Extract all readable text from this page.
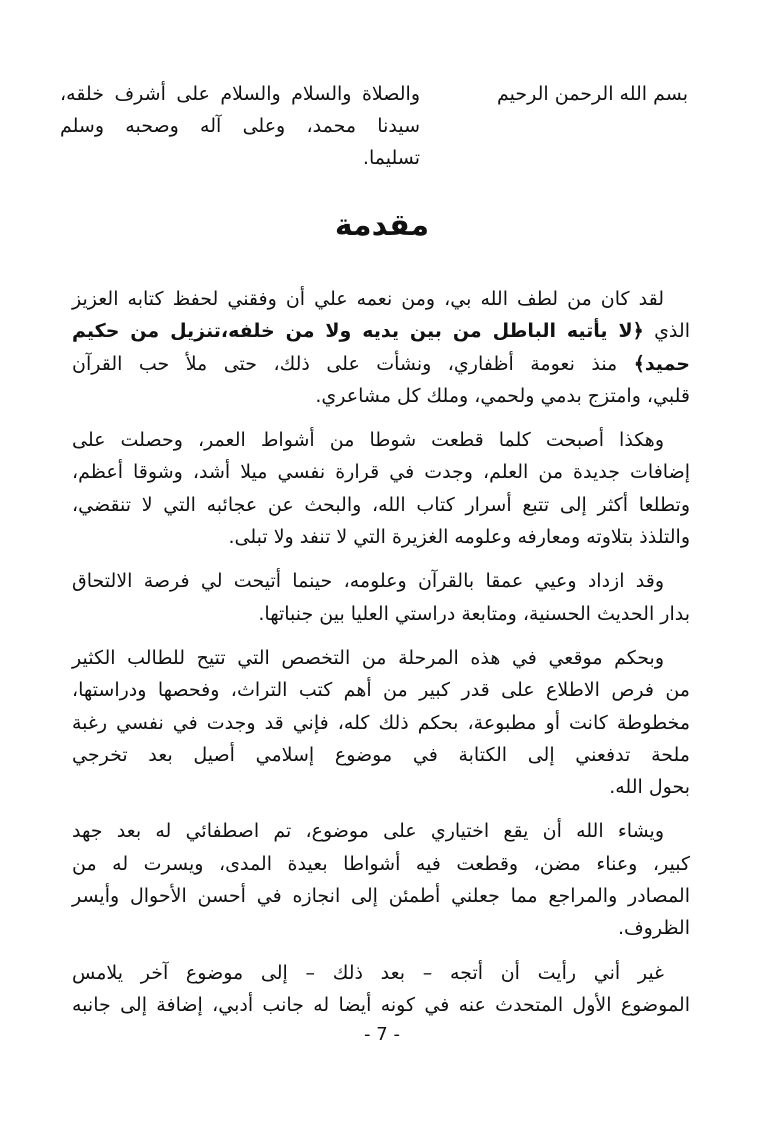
بسم الله الرحمن الرحيم
والصلاة والسلام والسلام على أشرف خلقه،
سيدنا محمد، وعلى آله وصحبه وسلم
تسليما.
مقدمة

لقد كان من لطف الله بي، ومن نعمه علي أن وفقني لحفظ كتابه العزيز
الذي ﴿لا يأتيه الباطل من بين يديه ولا من خلفه،تنزيل من حكيم
حميد﴾ منذ نعومة أظفاري، ونشأت على ذلك، حتى ملأ حب القرآن
قلبي، وامتزج بدمي ولحمي، وملك كل مشاعري.

وهكذا أصبحت كلما قطعت شوطا من أشواط العمر، وحصلت على
إضافات جديدة من العلم، وجدت في قرارة نفسي ميلا أشد، وشوقا أعظم،
وتطلعا أكثر إلى تتبع أسرار كتاب الله، والبحث عن عجائبه التي لا تنقضي،
والتلذذ بتلاوته ومعارفه وعلومه الغزيرة التي لا تنفد ولا تبلى.

وقد ازداد وعيي عمقا بالقرآن وعلومه، حينما أتيحت لي فرصة الالتحاق
بدار الحديث الحسنية، ومتابعة دراستي العليا بين جنباتها.

وبحكم موقعي في هذه المرحلة من التخصص التي تتيح للطالب الكثير
من فرص الاطلاع على قدر كبير من أهم كتب التراث، وفحصها ودراستها،
مخطوطة كانت أو مطبوعة، بحكم ذلك كله، فإني قد وجدت في نفسي رغبة
ملحة تدفعني إلى الكتابة في موضوع إسلامي أصيل بعد تخرجي
بحول الله.

ويشاء الله أن يقع اختياري على موضوع، تم اصطفائي له بعد جهد
كبير، وعناء مضن، وقطعت فيه أشواطا بعيدة المدى، ويسرت له من
المصادر والمراجع مما جعلني أطمئن إلى انجازه في أحسن الأحوال وأيسر
الظروف.

غير أني رأيت أن أتجه – بعد ذلك – إلى موضوع آخر يلامس
الموضوع الأول المتحدث عنه في كونه أيضا له جانب أدبي، إضافة إلى جانبه

- 7 -
